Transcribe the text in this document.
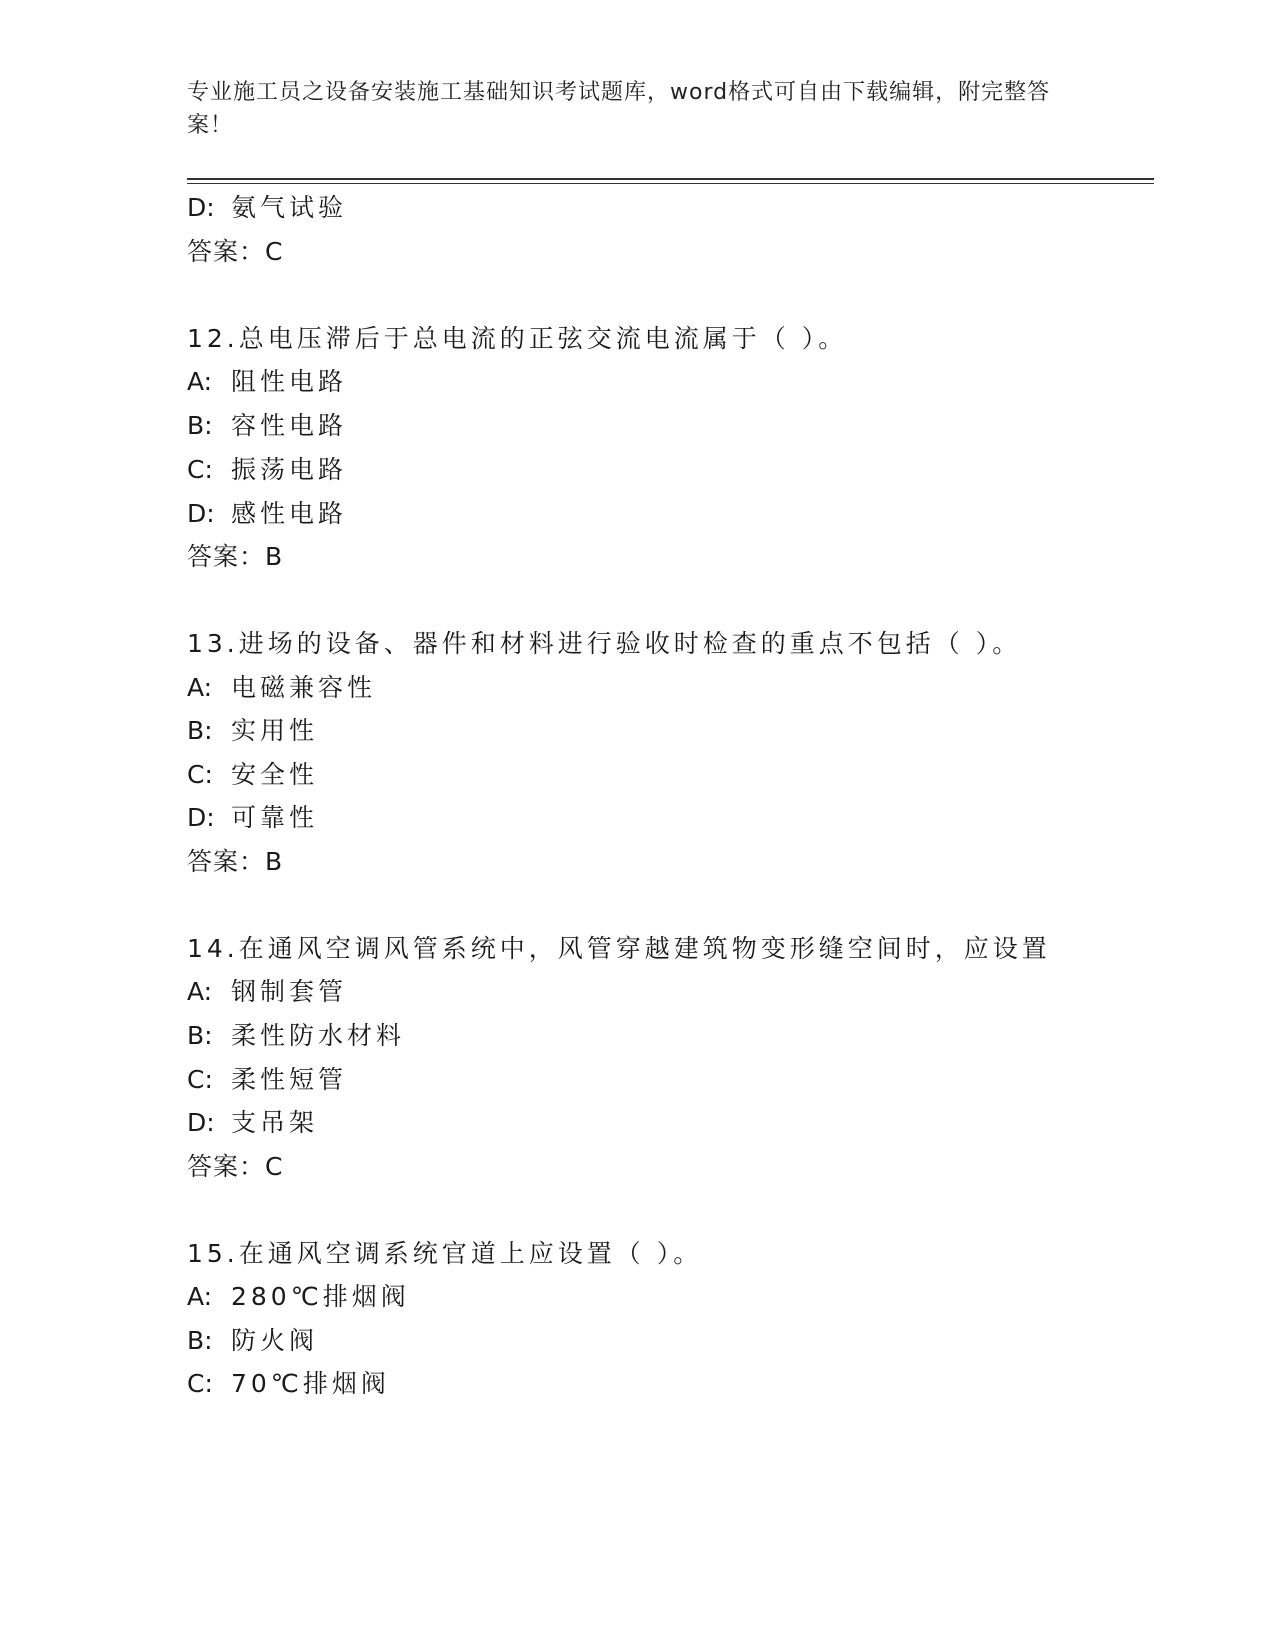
专业施工员之设备安装施工基础知识考试题库，word格式可自由下载编辑，附完整答案！
D: 氨气试验
答案：C
12.总电压滞后于总电流的正弦交流电流属于（ ）。
A: 阻性电路
B: 容性电路
C: 振荡电路
D: 感性电路
答案：B
13.进场的设备、器件和材料进行验收时检查的重点不包括（ ）。
A: 电磁兼容性
B: 实用性
C: 安全性
D: 可靠性
答案：B
14.在通风空调风管系统中，风管穿越建筑物变形缝空间时，应设置
A: 钢制套管
B: 柔性防水材料
C: 柔性短管
D: 支吊架
答案：C
15.在通风空调系统官道上应设置（ ）。
A: 280℃排烟阀
B: 防火阀
C: 70℃排烟阀
